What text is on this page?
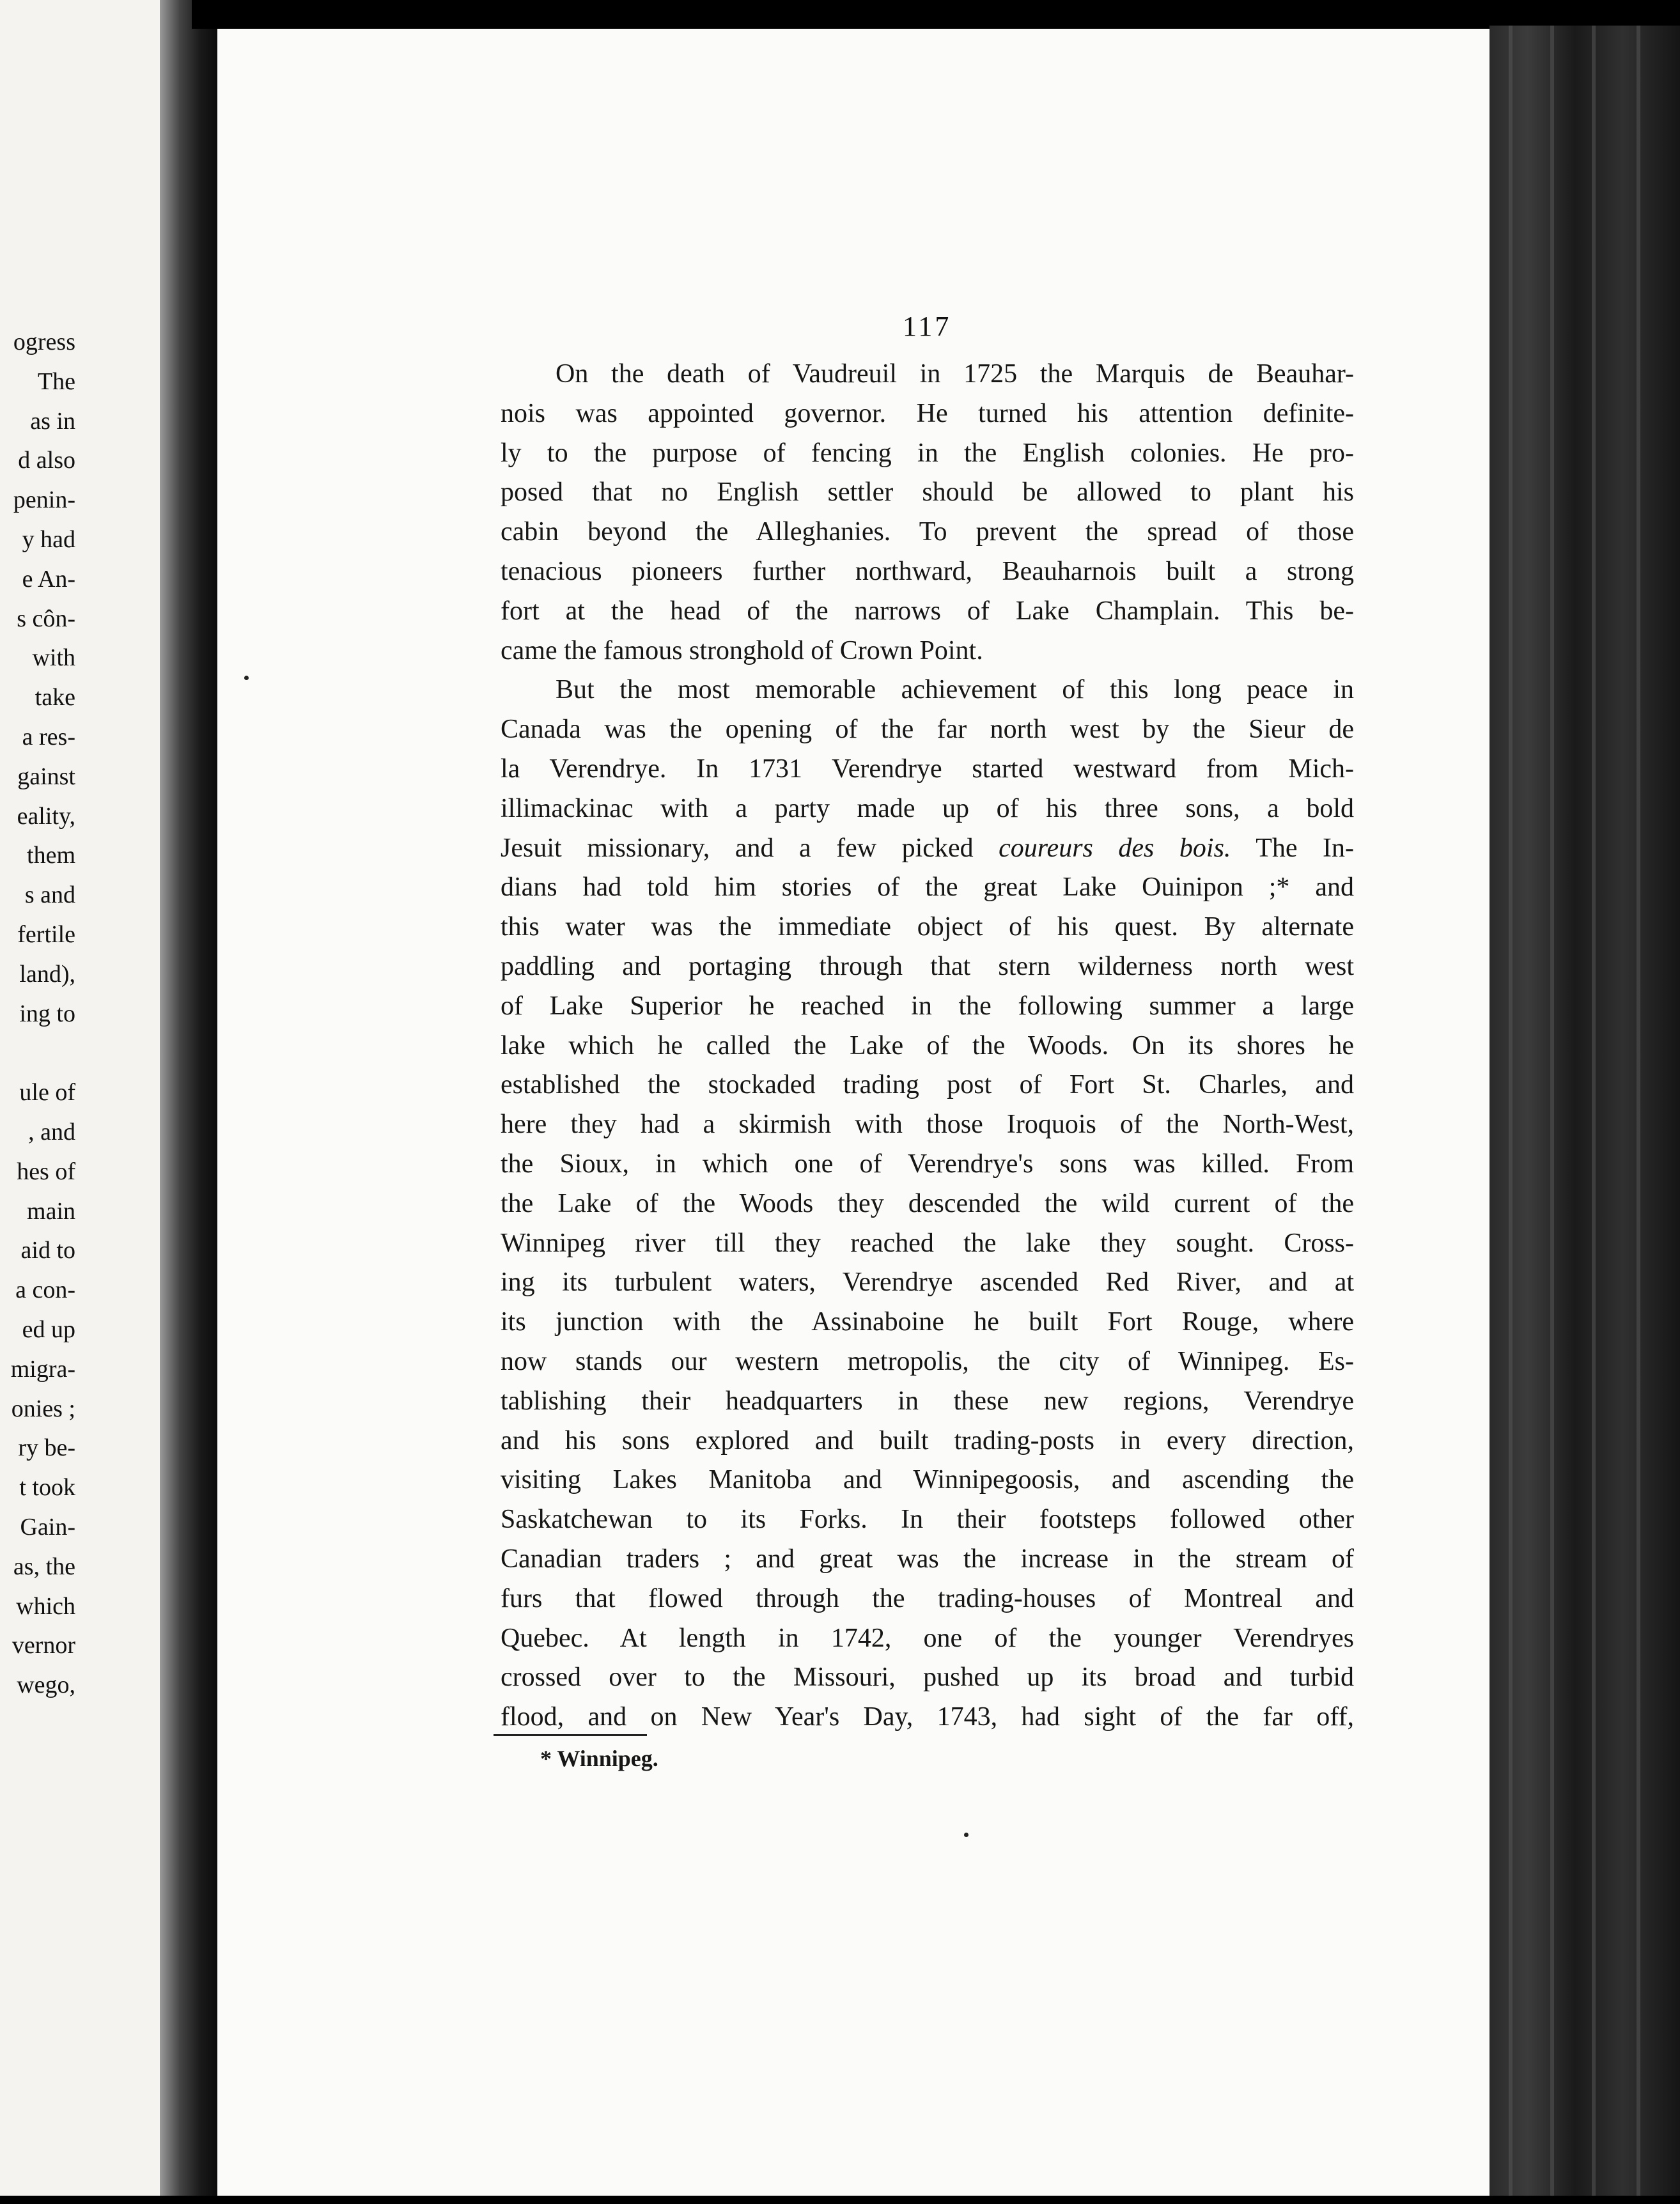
ogress
The
as in
d also
penin-
y had
e An-
s côn-
with
take
a res-
gainst
eality,
them
s and
fertile
land),
ing to
ule of
, and
hes of
main
aid to
a con-
ed up
migra-
onies ;
ry be-
t took
Gain-
as, the
which
vernor
wego,
117
On the death of Vaudreuil in 1725 the Marquis de Beauhar-
nois was appointed governor. He turned his attention definite-
ly to the purpose of fencing in the English colonies. He pro-
posed that no English settler should be allowed to plant his
cabin beyond the Alleghanies. To prevent the spread of those
tenacious pioneers further northward, Beauharnois built a strong
fort at the head of the narrows of Lake Champlain. This be-
came the famous stronghold of Crown Point.
But the most memorable achievement of this long peace in
Canada was the opening of the far north west by the Sieur de
la Verendrye. In 1731 Verendrye started westward from Mich-
illimackinac with a party made up of his three sons, a bold
Jesuit missionary, and a few picked coureurs des bois. The In-
dians had told him stories of the great Lake Ouinipon ;* and
this water was the immediate object of his quest. By alternate
paddling and portaging through that stern wilderness north west
of Lake Superior he reached in the following summer a large
lake which he called the Lake of the Woods. On its shores he
established the stockaded trading post of Fort St. Charles, and
here they had a skirmish with those Iroquois of the North-West,
the Sioux, in which one of Verendrye's sons was killed. From
the Lake of the Woods they descended the wild current of the
Winnipeg river till they reached the lake they sought. Cross-
ing its turbulent waters, Verendrye ascended Red River, and at
its junction with the Assinaboine he built Fort Rouge, where
now stands our western metropolis, the city of Winnipeg. Es-
tablishing their headquarters in these new regions, Verendrye
and his sons explored and built trading-posts in every direction,
visiting Lakes Manitoba and Winnipegoosis, and ascending the
Saskatchewan to its Forks. In their footsteps followed other
Canadian traders ; and great was the increase in the stream of
furs that flowed through the trading-houses of Montreal and
Quebec. At length in 1742, one of the younger Verendryes
crossed over to the Missouri, pushed up its broad and turbid
flood, and on New Year's Day, 1743, had sight of the far off,
* Winnipeg.
